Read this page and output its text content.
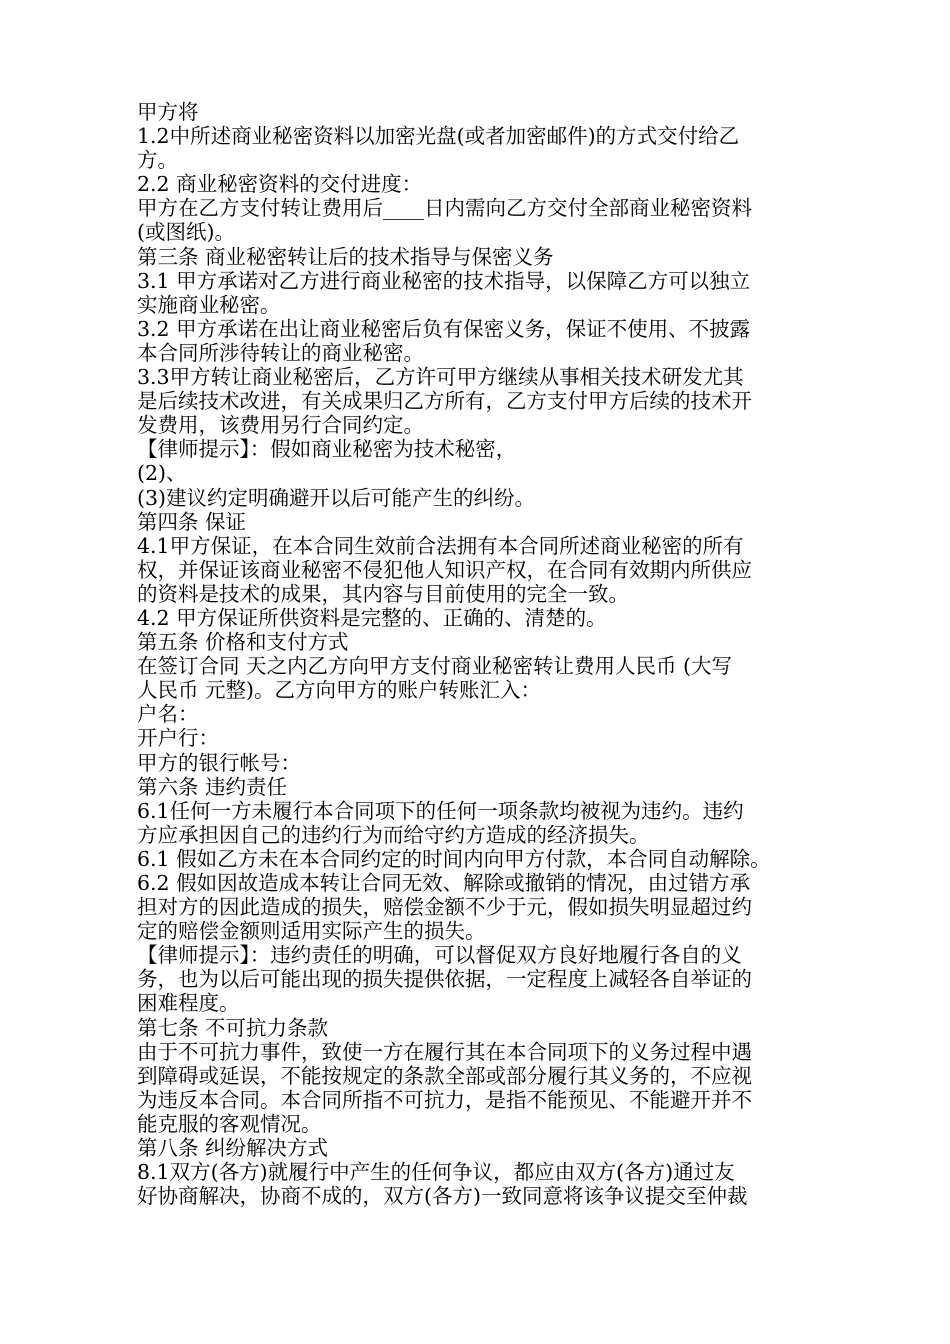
甲方将
1.2中所述商业秘密资料以加密光盘(或者加密邮件)的方式交付给乙
方。
2.2 商业秘密资料的交付进度：
甲方在乙方支付转让费用后____日内需向乙方交付全部商业秘密资料
(或图纸)。
第三条 商业秘密转让后的技术指导与保密义务
3.1 甲方承诺对乙方进行商业秘密的技术指导，以保障乙方可以独立
实施商业秘密。
3.2 甲方承诺在出让商业秘密后负有保密义务，保证不使用、不披露
本合同所涉待转让的商业秘密。
3.3甲方转让商业秘密后，乙方许可甲方继续从事相关技术研发尤其
是后续技术改进，有关成果归乙方所有，乙方支付甲方后续的技术开
发费用，该费用另行合同约定。
【律师提示】：假如商业秘密为技术秘密，
(2)、
(3)建议约定明确避开以后可能产生的纠纷。
第四条 保证
4.1甲方保证，在本合同生效前合法拥有本合同所述商业秘密的所有
权，并保证该商业秘密不侵犯他人知识产权，在合同有效期内所供应
的资料是技术的成果，其内容与目前使用的完全一致。
4.2 甲方保证所供资料是完整的、正确的、清楚的。
第五条 价格和支付方式
在签订合同 天之内乙方向甲方支付商业秘密转让费用人民币 (大写
人民币 元整)。乙方向甲方的账户转账汇入：
户名：
开户行：
甲方的银行帐号：
第六条 违约责任
6.1任何一方未履行本合同项下的任何一项条款均被视为违约。违约
方应承担因自己的违约行为而给守约方造成的经济损失。
6.1 假如乙方未在本合同约定的时间内向甲方付款，本合同自动解除。
6.2 假如因故造成本转让合同无效、解除或撤销的情况，由过错方承
担对方的因此造成的损失，赔偿金额不少于元，假如损失明显超过约
定的赔偿金额则适用实际产生的损失。
【律师提示】：违约责任的明确，可以督促双方良好地履行各自的义
务，也为以后可能出现的损失提供依据，一定程度上减轻各自举证的
困难程度。
第七条 不可抗力条款
由于不可抗力事件，致使一方在履行其在本合同项下的义务过程中遇
到障碍或延误，不能按规定的条款全部或部分履行其义务的，不应视
为违反本合同。本合同所指不可抗力，是指不能预见、不能避开并不
能克服的客观情况。
第八条 纠纷解决方式
8.1双方(各方)就履行中产生的任何争议，都应由双方(各方)通过友
好协商解决，协商不成的，双方(各方)一致同意将该争议提交至仲裁
